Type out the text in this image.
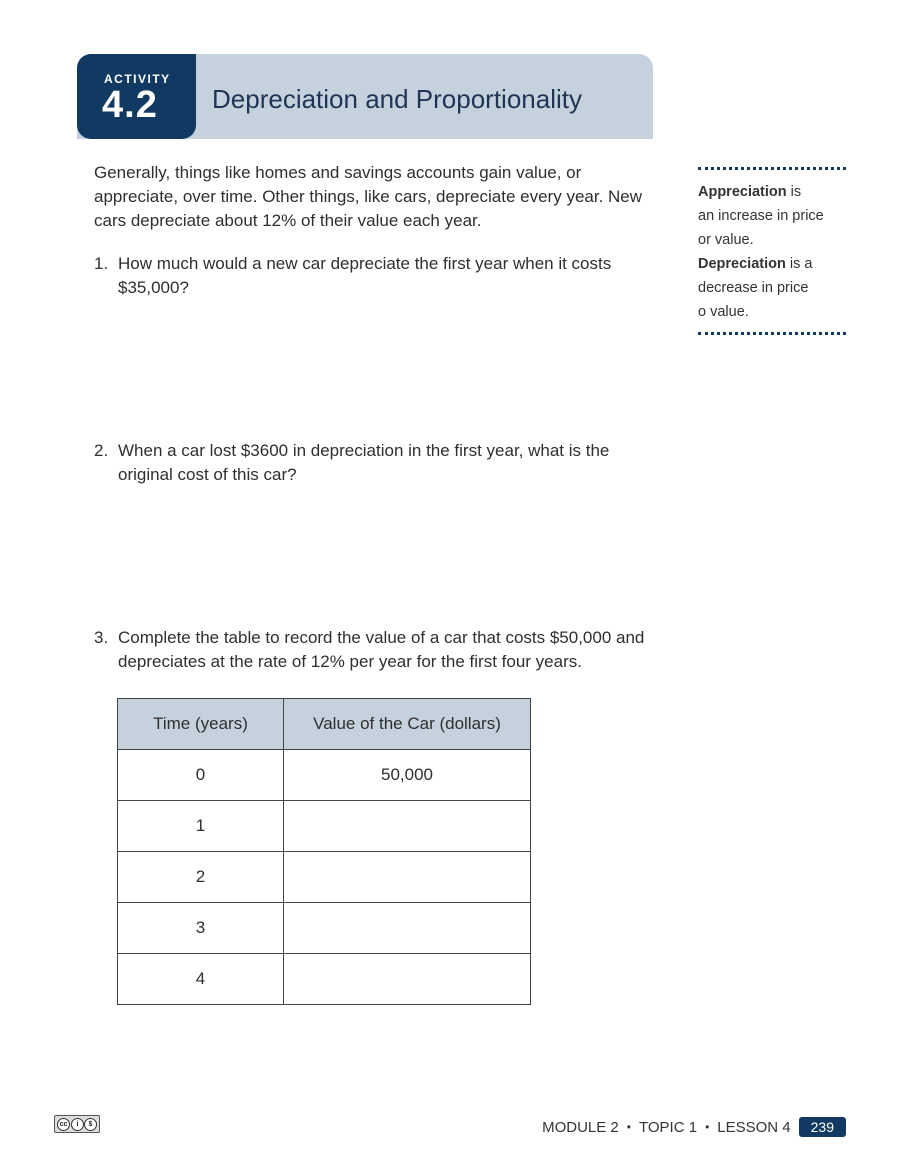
ACTIVITY
4.2 Depreciation and Proportionality

Generally, things like homes and savings accounts gain value, or appreciate, over time. Other things, like cars, depreciate every year. New cars depreciate about 12% of their value each year.

1. How much would a new car depreciate the first year when it costs $35,000?
2. When a car lost $3600 in depreciation in the first year, what is the original cost of this car?
3. Complete the table to record the value of a car that costs $50,000 and depreciates at the rate of 12% per year for the first four years.
Appreciation is
an increase in price
or value.
Depreciation is a
decrease in price
o value.
Time (years)	Value of the Car (dollars)
0	50,000
1	
2	
3	
4	
cc	i	$	MODULE 2 • TOPIC 1 • LESSON 4	239
